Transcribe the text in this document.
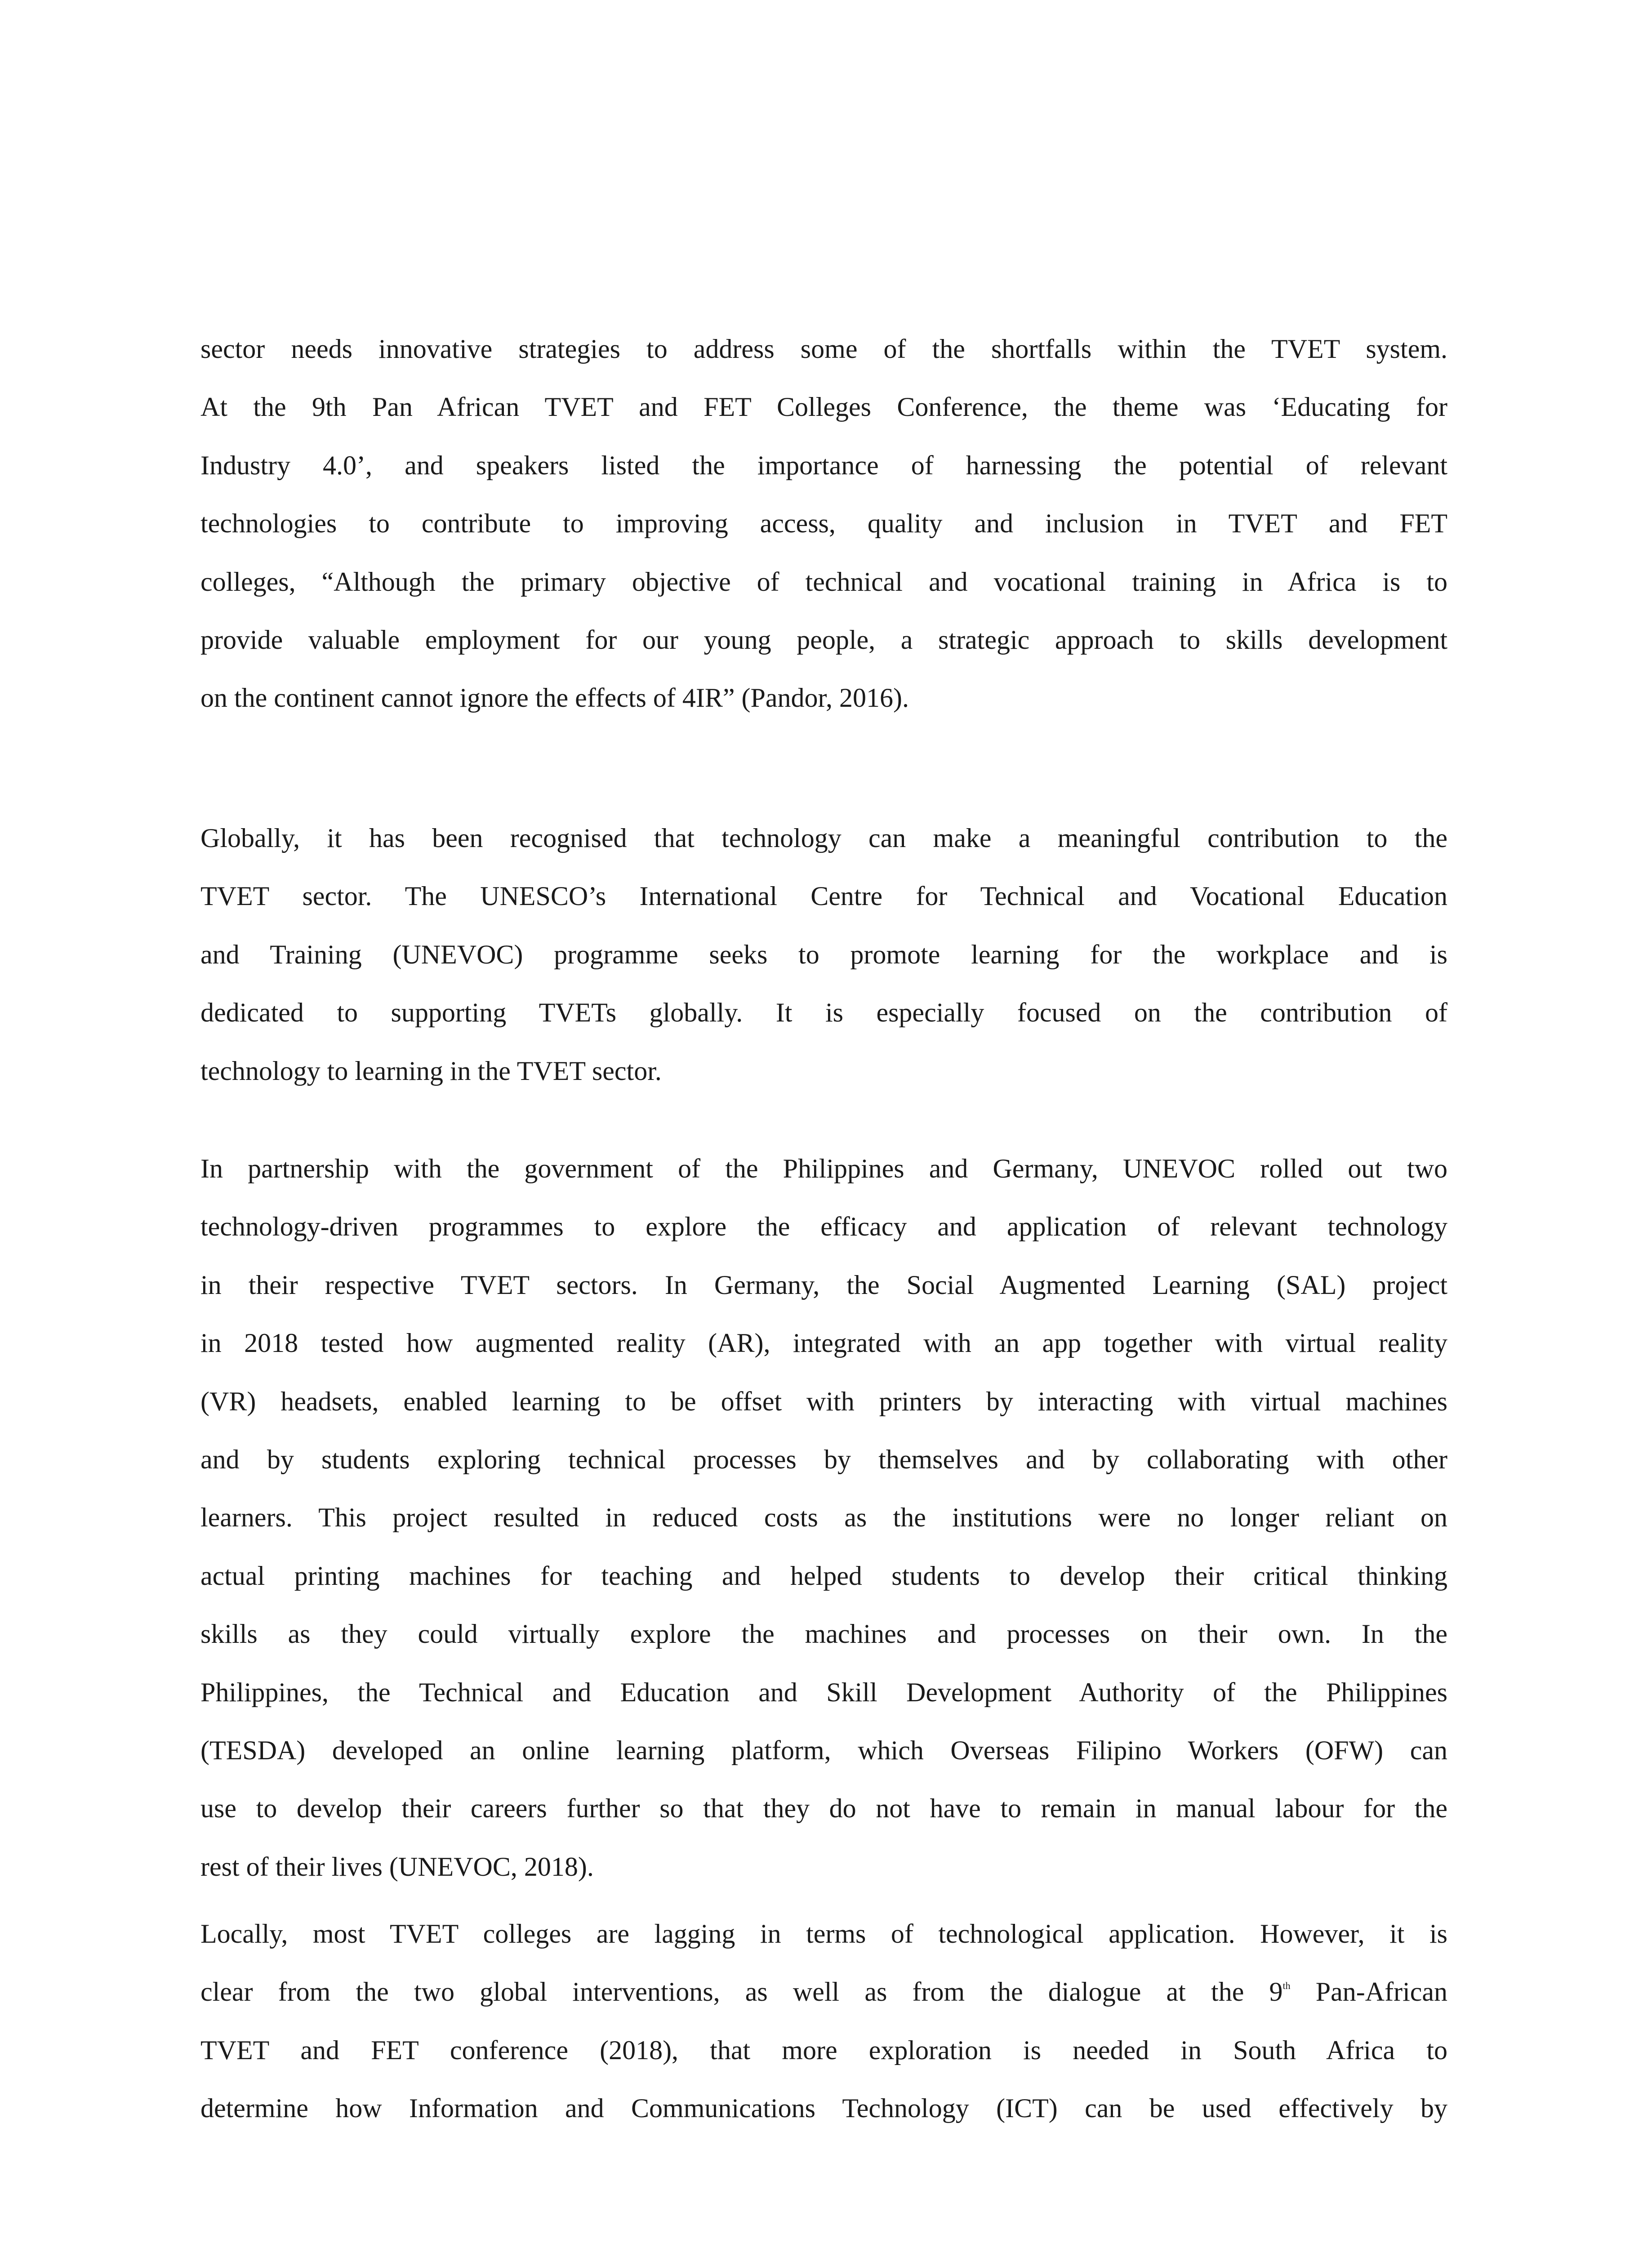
sector needs innovative strategies to address some of the shortfalls within the TVET system.
At the 9th Pan African TVET and FET Colleges Conference, the theme was ‘Educating for
Industry 4.0’, and speakers listed the importance of harnessing the potential of relevant
technologies to contribute to improving access, quality and inclusion in TVET and FET
colleges, “Although the primary objective of technical and vocational training in Africa is to
provide valuable employment for our young people, a strategic approach to skills development
on the continent cannot ignore the effects of 4IR” (Pandor, 2016).

Globally, it has been recognised that technology can make a meaningful contribution to the
TVET sector. The UNESCO’s International Centre for Technical and Vocational Education
and Training (UNEVOC) programme seeks to promote learning for the workplace and is
dedicated to supporting TVETs globally. It is especially focused on the contribution of
technology to learning in the TVET sector.

In partnership with the government of the Philippines and Germany, UNEVOC rolled out two
technology-driven programmes to explore the efficacy and application of relevant technology
in their respective TVET sectors. In Germany, the Social Augmented Learning (SAL) project
in 2018 tested how augmented reality (AR), integrated with an app together with virtual reality
(VR) headsets, enabled learning to be offset with printers by interacting with virtual machines
and by students exploring technical processes by themselves and by collaborating with other
learners. This project resulted in reduced costs as the institutions were no longer reliant on
actual printing machines for teaching and helped students to develop their critical thinking
skills as they could virtually explore the machines and processes on their own. In the
Philippines, the Technical and Education and Skill Development Authority of the Philippines
(TESDA) developed an online learning platform, which Overseas Filipino Workers (OFW) can
use to develop their careers further so that they do not have to remain in manual labour for the
rest of their lives (UNEVOC, 2018).

Locally, most TVET colleges are lagging in terms of technological application. However, it is
clear from the two global interventions, as well as from the dialogue at the 9th Pan-African
TVET and FET conference (2018), that more exploration is needed in South Africa to
determine how Information and Communications Technology (ICT) can be used effectively by
